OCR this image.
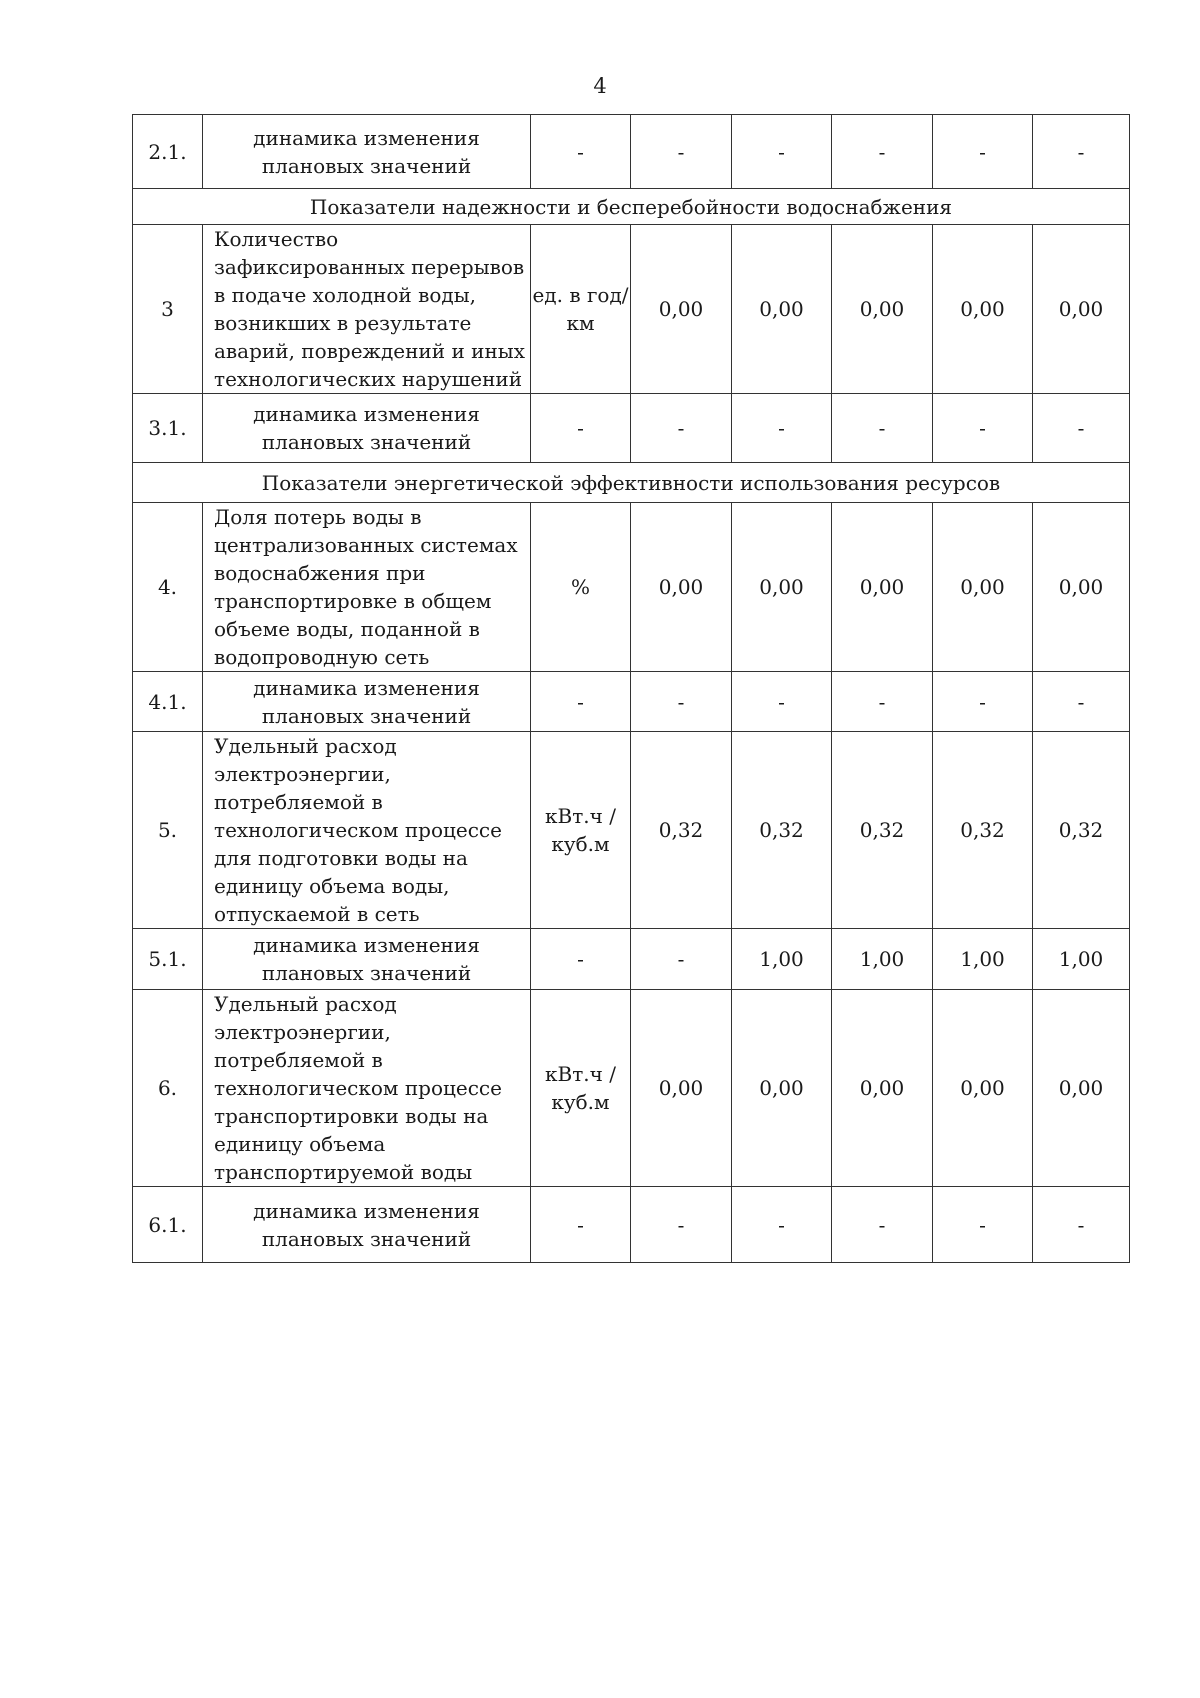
4
2.1.	динамика изменения плановых значений	-	-	-	-	-	-
Показатели надежности и бесперебойности водоснабжения							
3	Количество зафиксированных перерывов в подаче холодной воды, возникших в результате аварий, повреждений и иных технологических нарушений	ед. в год/ км	0,00	0,00	0,00	0,00	0,00
3.1.	динамика изменения плановых значений	-	-	-	-	-	-
Показатели энергетической эффективности использования ресурсов							
4.	Доля потерь воды в централизованных системах водоснабжения при транспортировке в общем объеме воды, поданной в водопроводную сеть	%	0,00	0,00	0,00	0,00	0,00
4.1.	динамика изменения плановых значений	-	-	-	-	-	-
5.	Удельный расход электроэнергии, потребляемой в технологическом процессе для подготовки воды на единицу объема воды, отпускаемой в сеть	кВт.ч / куб.м	0,32	0,32	0,32	0,32	0,32
5.1.	динамика изменения плановых значений	-	-	1,00	1,00	1,00	1,00
6.	Удельный расход электроэнергии, потребляемой в технологическом процессе транспортировки воды на единицу объема транспортируемой воды	кВт.ч / куб.м	0,00	0,00	0,00	0,00	0,00
6.1.	динамика изменения плановых значений	-	-	-	-	-	-
